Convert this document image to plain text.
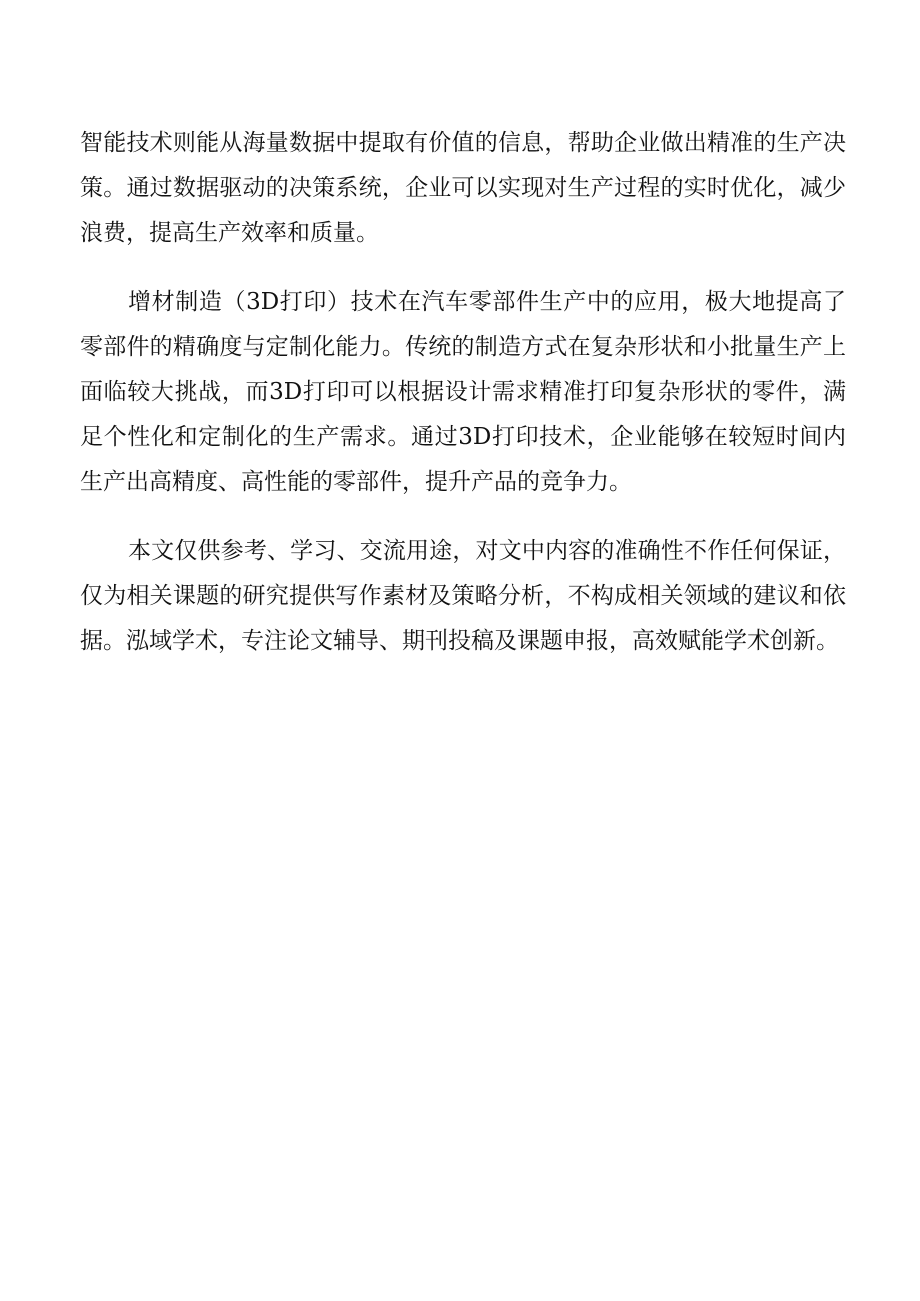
智能技术则能从海量数据中提取有价值的信息，帮助企业做出精准的生产决策。通过数据驱动的决策系统，企业可以实现对生产过程的实时优化，减少浪费，提高生产效率和质量。

增材制造（3D打印）技术在汽车零部件生产中的应用，极大地提高了零部件的精确度与定制化能力。传统的制造方式在复杂形状和小批量生产上面临较大挑战，而3D打印可以根据设计需求精准打印复杂形状的零件，满足个性化和定制化的生产需求。通过3D打印技术，企业能够在较短时间内生产出高精度、高性能的零部件，提升产品的竞争力。

本文仅供参考、学习、交流用途，对文中内容的准确性不作任何保证，仅为相关课题的研究提供写作素材及策略分析，不构成相关领域的建议和依据。泓域学术，专注论文辅导、期刊投稿及课题申报，高效赋能学术创新。
